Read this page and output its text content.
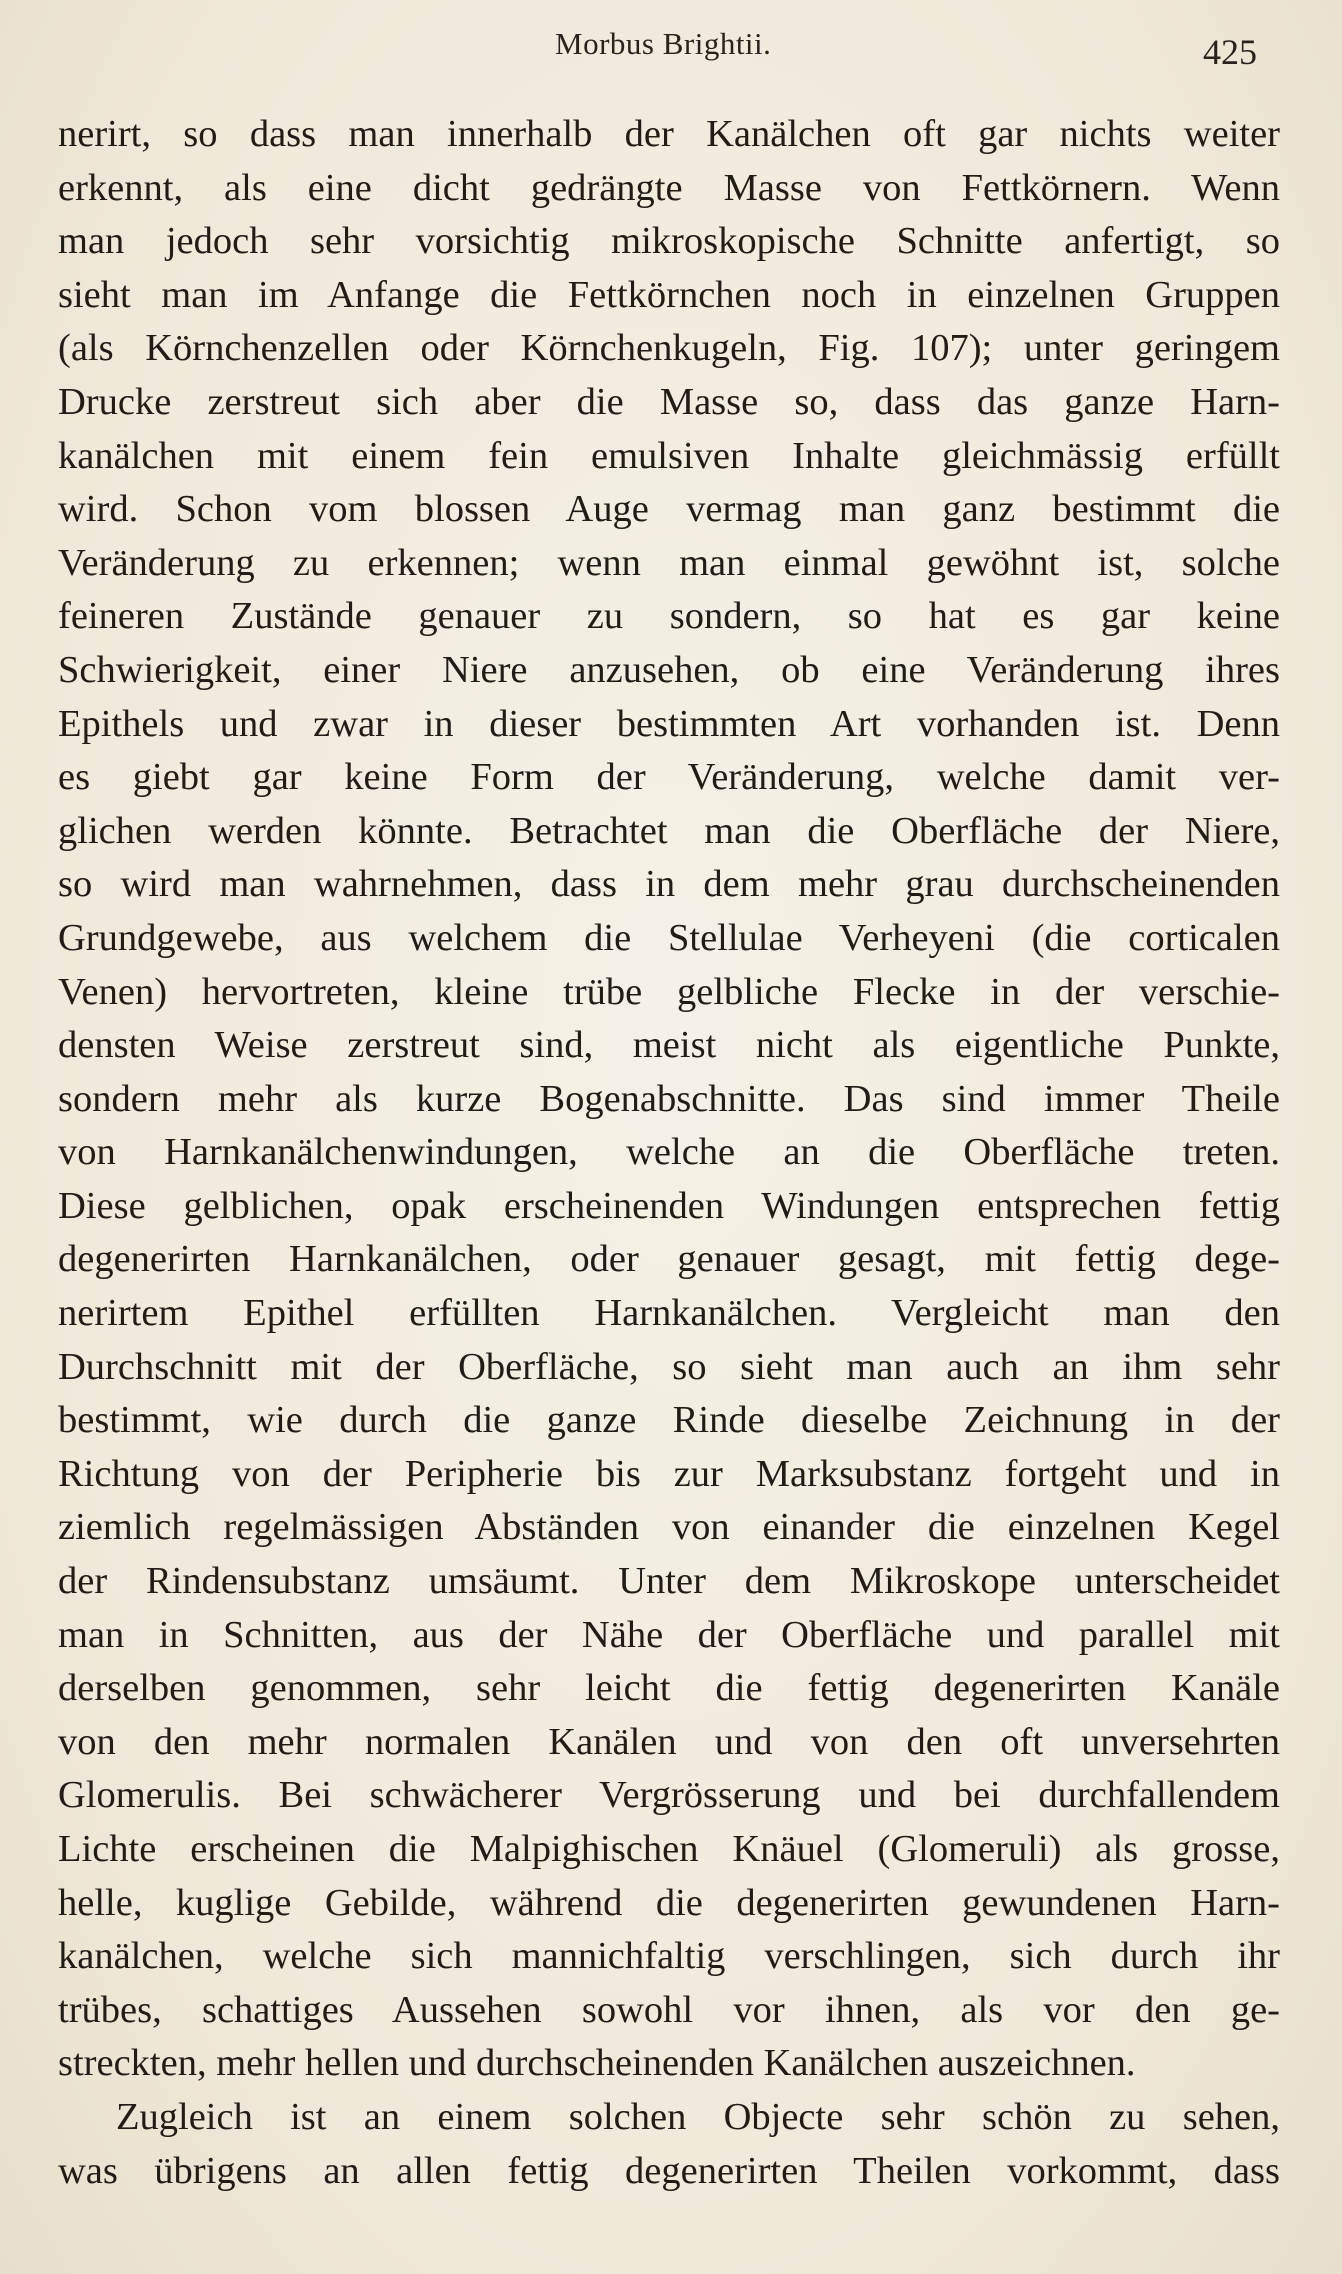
Morbus Brightii.	425
nerirt, so dass man innerhalb der Kanälchen oft gar nichts weiter
erkennt, als eine dicht gedrängte Masse von Fettkörnern. Wenn
man jedoch sehr vorsichtig mikroskopische Schnitte anfertigt, so
sieht man im Anfange die Fettkörnchen noch in einzelnen Gruppen
(als Körnchenzellen oder Körnchenkugeln, Fig. 107); unter geringem
Drucke zerstreut sich aber die Masse so, dass das ganze Harn-
kanälchen mit einem fein emulsiven Inhalte gleichmässig erfüllt
wird. Schon vom blossen Auge vermag man ganz bestimmt die
Veränderung zu erkennen; wenn man einmal gewöhnt ist, solche
feineren Zustände genauer zu sondern, so hat es gar keine
Schwierigkeit, einer Niere anzusehen, ob eine Veränderung ihres
Epithels und zwar in dieser bestimmten Art vorhanden ist. Denn
es giebt gar keine Form der Veränderung, welche damit ver-
glichen werden könnte. Betrachtet man die Oberfläche der Niere,
so wird man wahrnehmen, dass in dem mehr grau durchscheinenden
Grundgewebe, aus welchem die Stellulae Verheyeni (die corticalen
Venen) hervortreten, kleine trübe gelbliche Flecke in der verschie-
densten Weise zerstreut sind, meist nicht als eigentliche Punkte,
sondern mehr als kurze Bogenabschnitte. Das sind immer Theile
von Harnkanälchenwindungen, welche an die Oberfläche treten.
Diese gelblichen, opak erscheinenden Windungen entsprechen fettig
degenerirten Harnkanälchen, oder genauer gesagt, mit fettig dege-
nerirtem Epithel erfüllten Harnkanälchen. Vergleicht man den
Durchschnitt mit der Oberfläche, so sieht man auch an ihm sehr
bestimmt, wie durch die ganze Rinde dieselbe Zeichnung in der
Richtung von der Peripherie bis zur Marksubstanz fortgeht und in
ziemlich regelmässigen Abständen von einander die einzelnen Kegel
der Rindensubstanz umsäumt. Unter dem Mikroskope unterscheidet
man in Schnitten, aus der Nähe der Oberfläche und parallel mit
derselben genommen, sehr leicht die fettig degenerirten Kanäle
von den mehr normalen Kanälen und von den oft unversehrten
Glomerulis. Bei schwächerer Vergrösserung und bei durchfallendem
Lichte erscheinen die Malpighischen Knäuel (Glomeruli) als grosse,
helle, kuglige Gebilde, während die degenerirten gewundenen Harn-
kanälchen, welche sich mannichfaltig verschlingen, sich durch ihr
trübes, schattiges Aussehen sowohl vor ihnen, als vor den ge-
streckten, mehr hellen und durchscheinenden Kanälchen auszeichnen.
Zugleich ist an einem solchen Objecte sehr schön zu sehen,
was übrigens an allen fettig degenerirten Theilen vorkommt, dass
